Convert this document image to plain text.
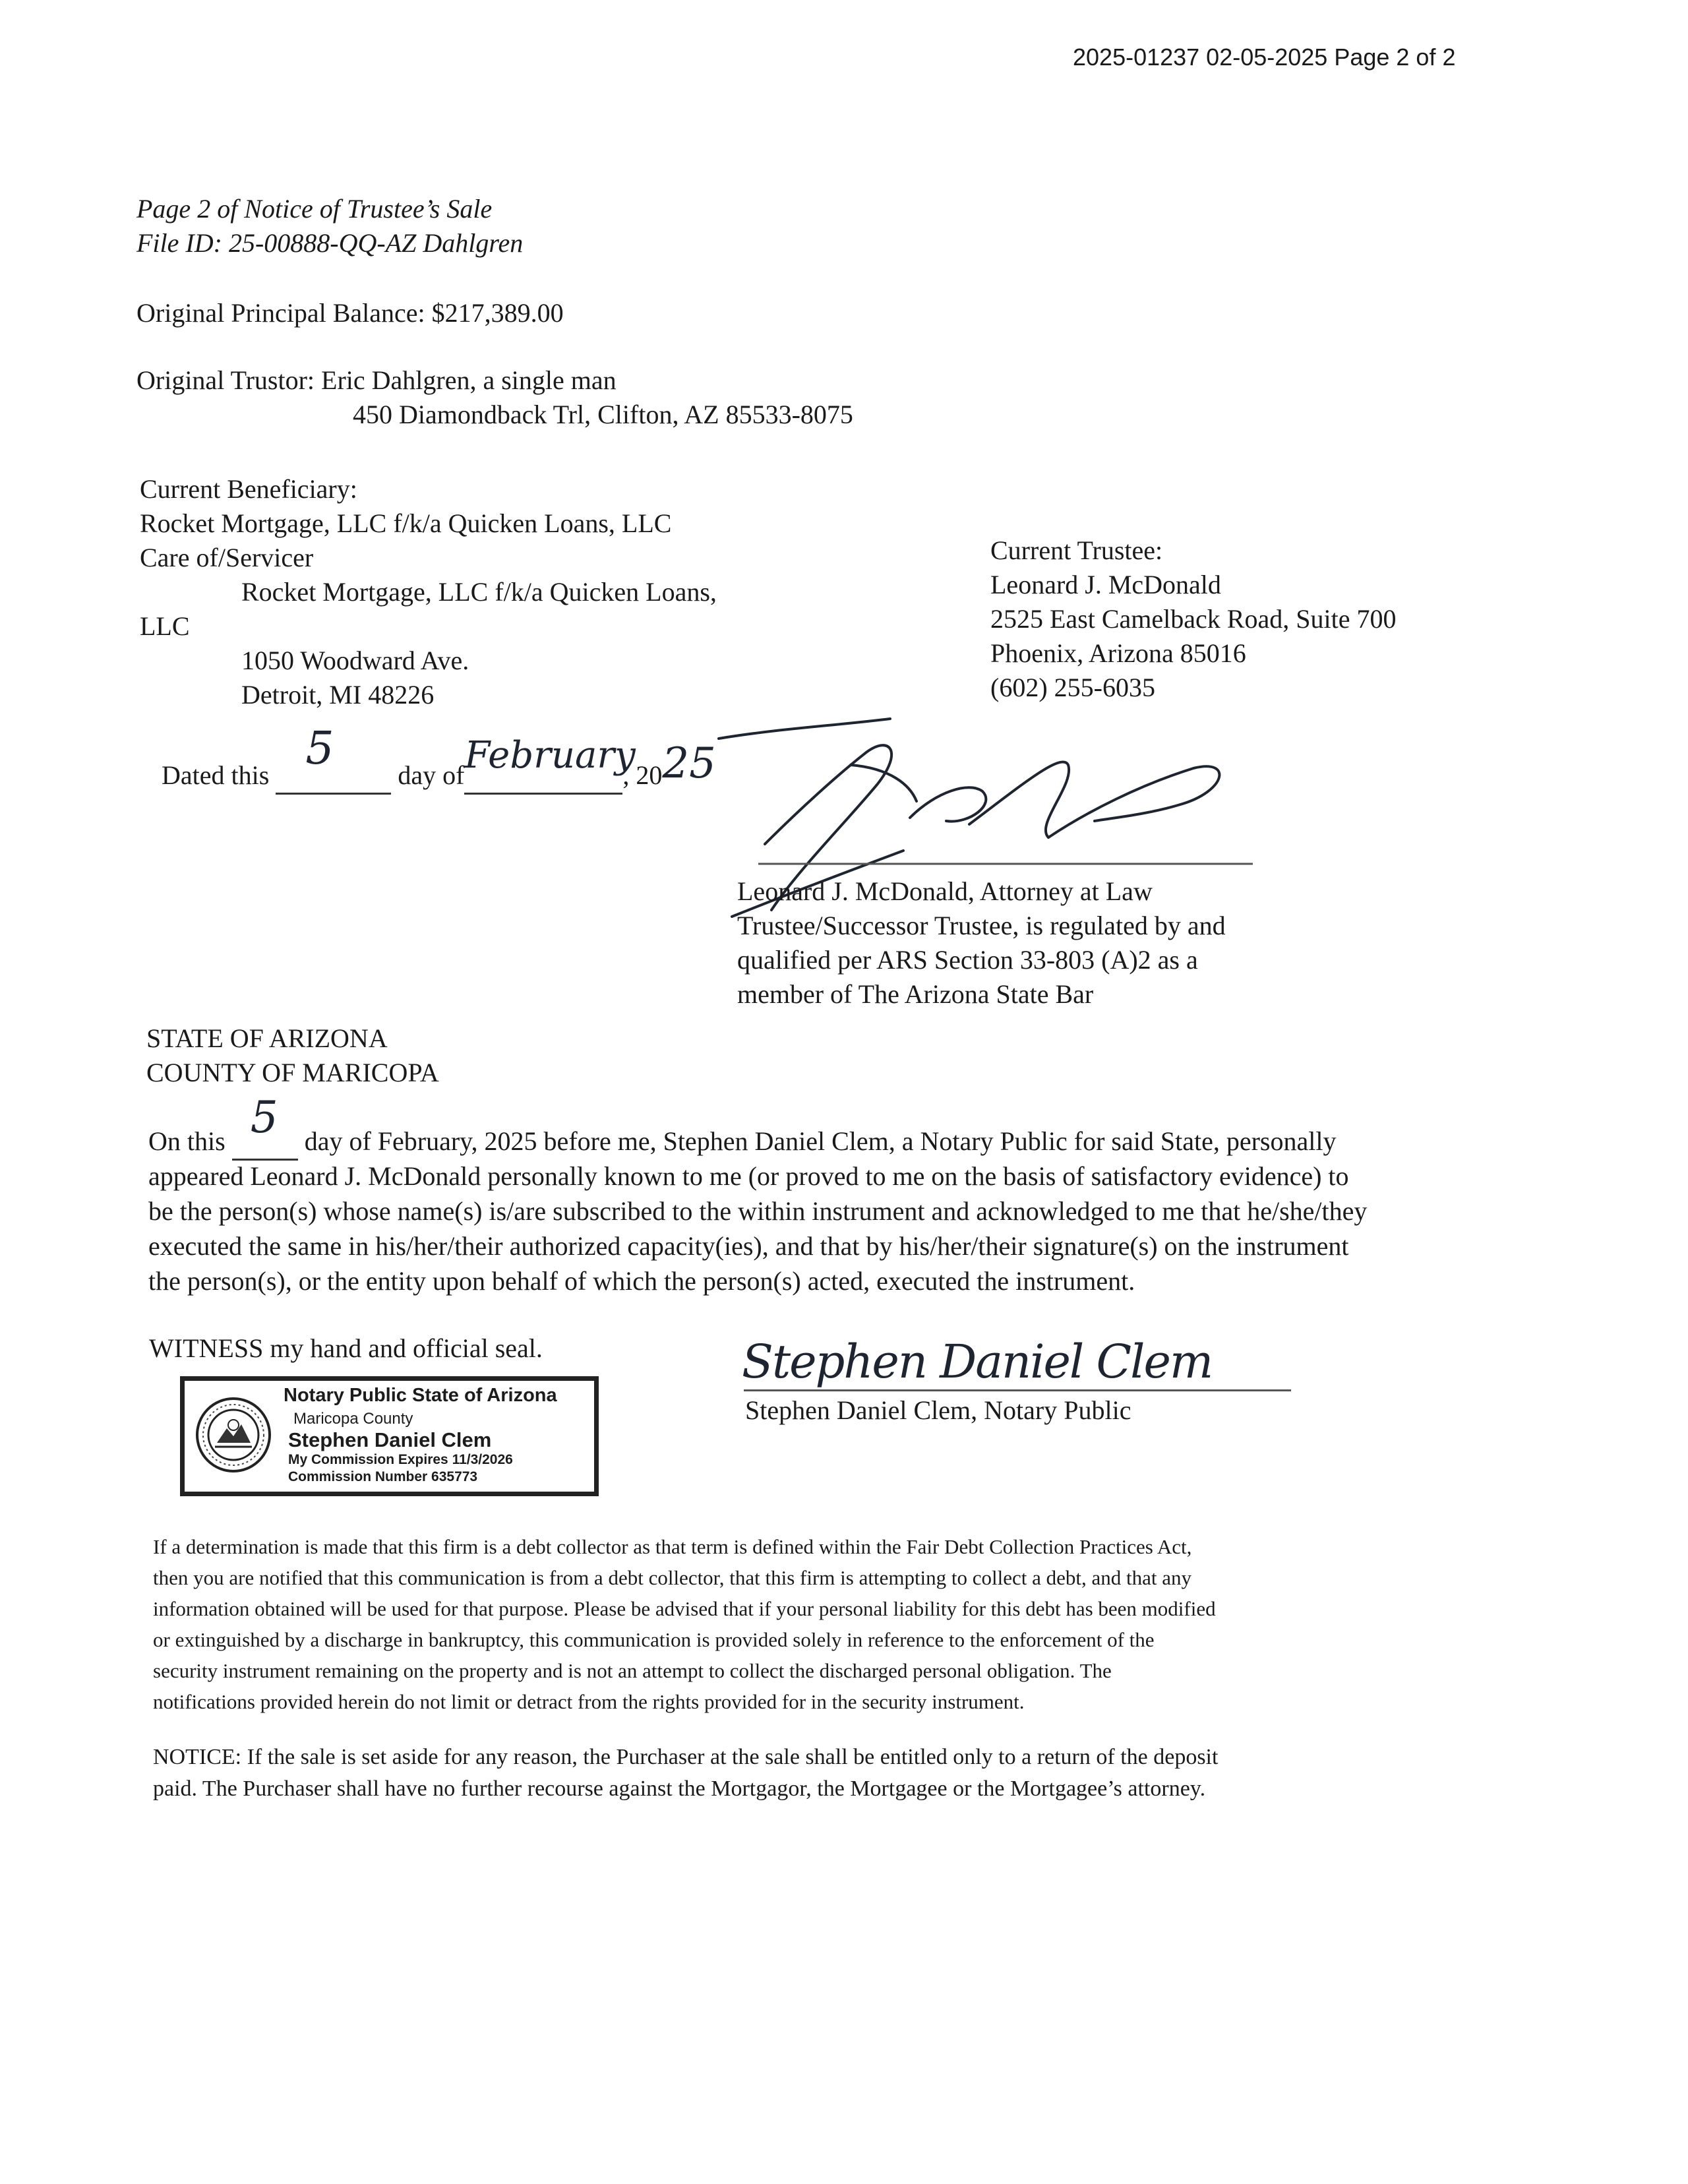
2025-01237 02-05-2025 Page 2 of 2
Page 2 of Notice of Trustee’s Sale
File ID: 25-00888-QQ-AZ Dahlgren
Original Principal Balance: $217,389.00
Original Trustor: Eric Dahlgren, a single man
450 Diamondback Trl, Clifton, AZ 85533-8075
Current Beneficiary:
Rocket Mortgage, LLC f/k/a Quicken Loans, LLC
Care of/Servicer
Rocket Mortgage, LLC f/k/a Quicken Loans,
LLC
1050 Woodward Ave.
Detroit, MI 48226
Current Trustee:
Leonard J. McDonald
2525 East Camelback Road, Suite 700
Phoenix, Arizona 85016
(602) 255-6035
Dated this
5
day of February
, 2025
Leonard J. McDonald, Attorney at Law
Trustee/Successor Trustee, is regulated by and
qualified per ARS Section 33-803 (A)2 as a
member of The Arizona State Bar
STATE OF ARIZONA
COUNTY OF MARICOPA
On this 5 day of February, 2025 before me, Stephen Daniel Clem, a Notary Public for said State, personally
appeared Leonard J. McDonald personally known to me (or proved to me on the basis of satisfactory evidence) to
be the person(s) whose name(s) is/are subscribed to the within instrument and acknowledged to me that he/she/they
executed the same in his/her/their authorized capacity(ies), and that by his/her/their signature(s) on the instrument
the person(s), or the entity upon behalf of which the person(s) acted, executed the instrument.
WITNESS my hand and official seal.
Notary Public State of Arizona
Maricopa County
Stephen Daniel Clem
My Commission Expires 11/3/2026
Commission Number 635773
Stephen Daniel Clem
Stephen Daniel Clem, Notary Public
If a determination is made that this firm is a debt collector as that term is defined within the Fair Debt Collection Practices Act,
then you are notified that this communication is from a debt collector, that this firm is attempting to collect a debt, and that any
information obtained will be used for that purpose. Please be advised that if your personal liability for this debt has been modified
or extinguished by a discharge in bankruptcy, this communication is provided solely in reference to the enforcement of the
security instrument remaining on the property and is not an attempt to collect the discharged personal obligation. The
notifications provided herein do not limit or detract from the rights provided for in the security instrument.
NOTICE: If the sale is set aside for any reason, the Purchaser at the sale shall be entitled only to a return of the deposit
paid. The Purchaser shall have no further recourse against the Mortgagor, the Mortgagee or the Mortgagee’s attorney.
